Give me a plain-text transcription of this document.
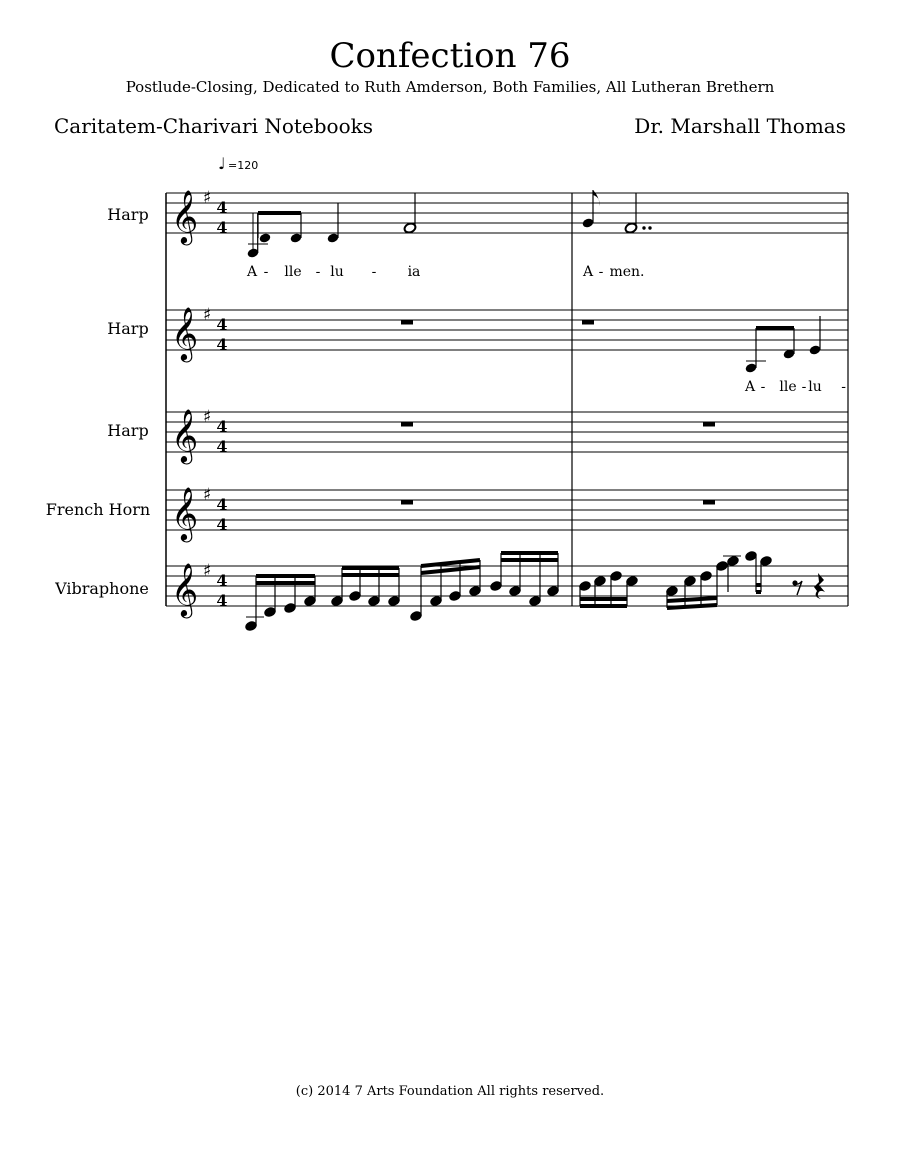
Confection 76
Postlude-Closing, Dedicated to Ruth Amderson, Both Families, All Lutheran Brethern
Caritatem-Charivari Notebooks	Dr. Marshall Thomas
♩ =120
Harp 𝄞 ♯ 4
4
A - lle - lu - ia	A - men.
Harp 𝄞 ♯ 4
4
A - lle - lu -
Harp 𝄞 ♯ 4
4
French Horn 𝄞 ♯ 4
4
Vibraphone 𝄞 ♯ 4
4
(c) 2014 7 Arts Foundation All rights reserved.
